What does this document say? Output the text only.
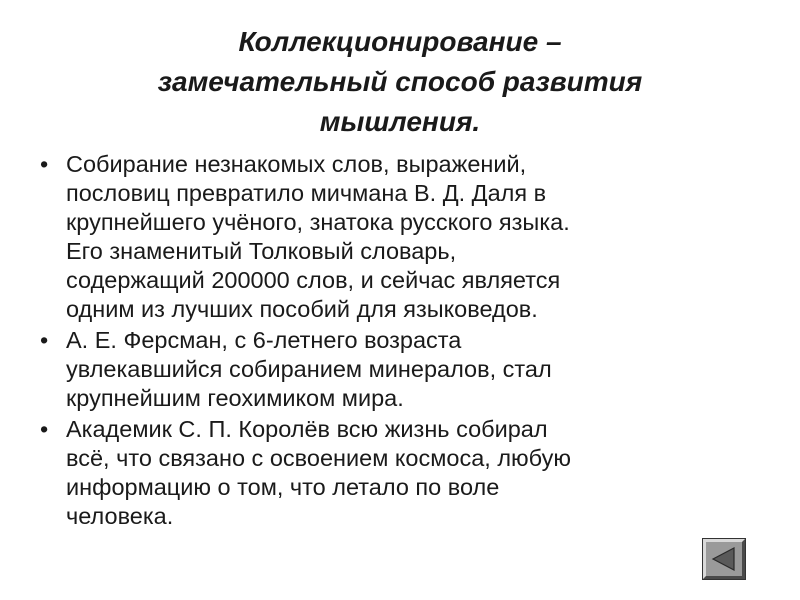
Коллекционирование –
замечательный способ развития
мышления.
• Собирание незнакомых слов, выражений,
пословиц превратило мичмана В. Д. Даля в
крупнейшего учёного, знатока русского языка.
Его знаменитый Толковый словарь,
содержащий 200000 слов, и сейчас является
одним из лучших пособий для языковедов.
• А. Е. Ферсман, с 6-летнего возраста
увлекавшийся собиранием минералов, стал
крупнейшим геохимиком мира.
• Академик С. П. Королёв всю жизнь собирал
всё, что связано с освоением космоса, любую
информацию о том, что летало по воле
человека.
